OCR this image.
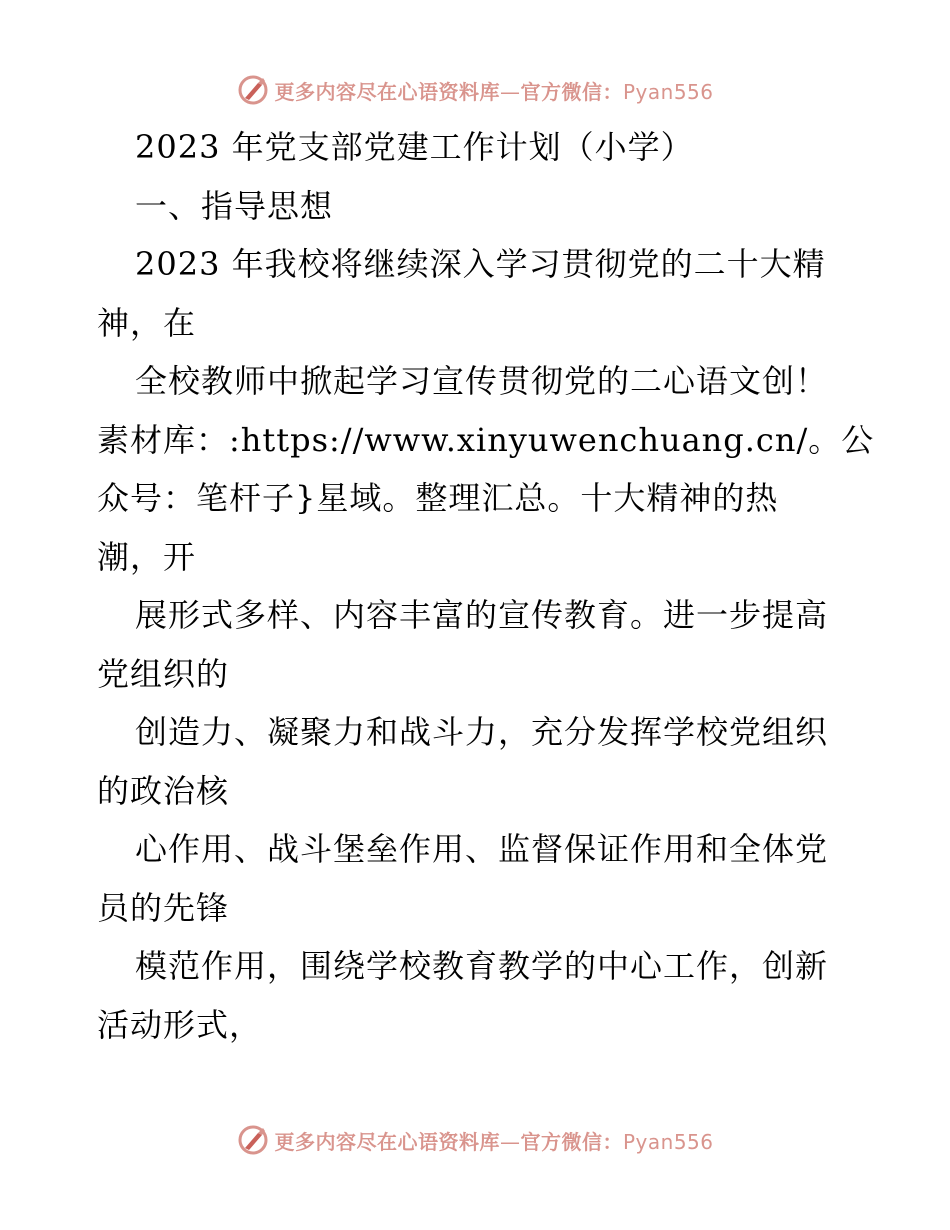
更多内容尽在心语资料库—官方微信：Pyan556
2023 年党支部党建工作计划（小学）
一、指导思想
2023 年我校将继续深入学习贯彻党的二十大精
神，在
全校教师中掀起学习宣传贯彻党的二心语文创！
素材库：:https://www.xinyuwenchuang.cn/。公
众号：笔杆子}星域。整理汇总。十大精神的热
潮，开
展形式多样、内容丰富的宣传教育。进一步提高
党组织的
创造力、凝聚力和战斗力，充分发挥学校党组织
的政治核
心作用、战斗堡垒作用、监督保证作用和全体党
员的先锋
模范作用，围绕学校教育教学的中心工作，创新
活动形式，
更多内容尽在心语资料库—官方微信：Pyan556
